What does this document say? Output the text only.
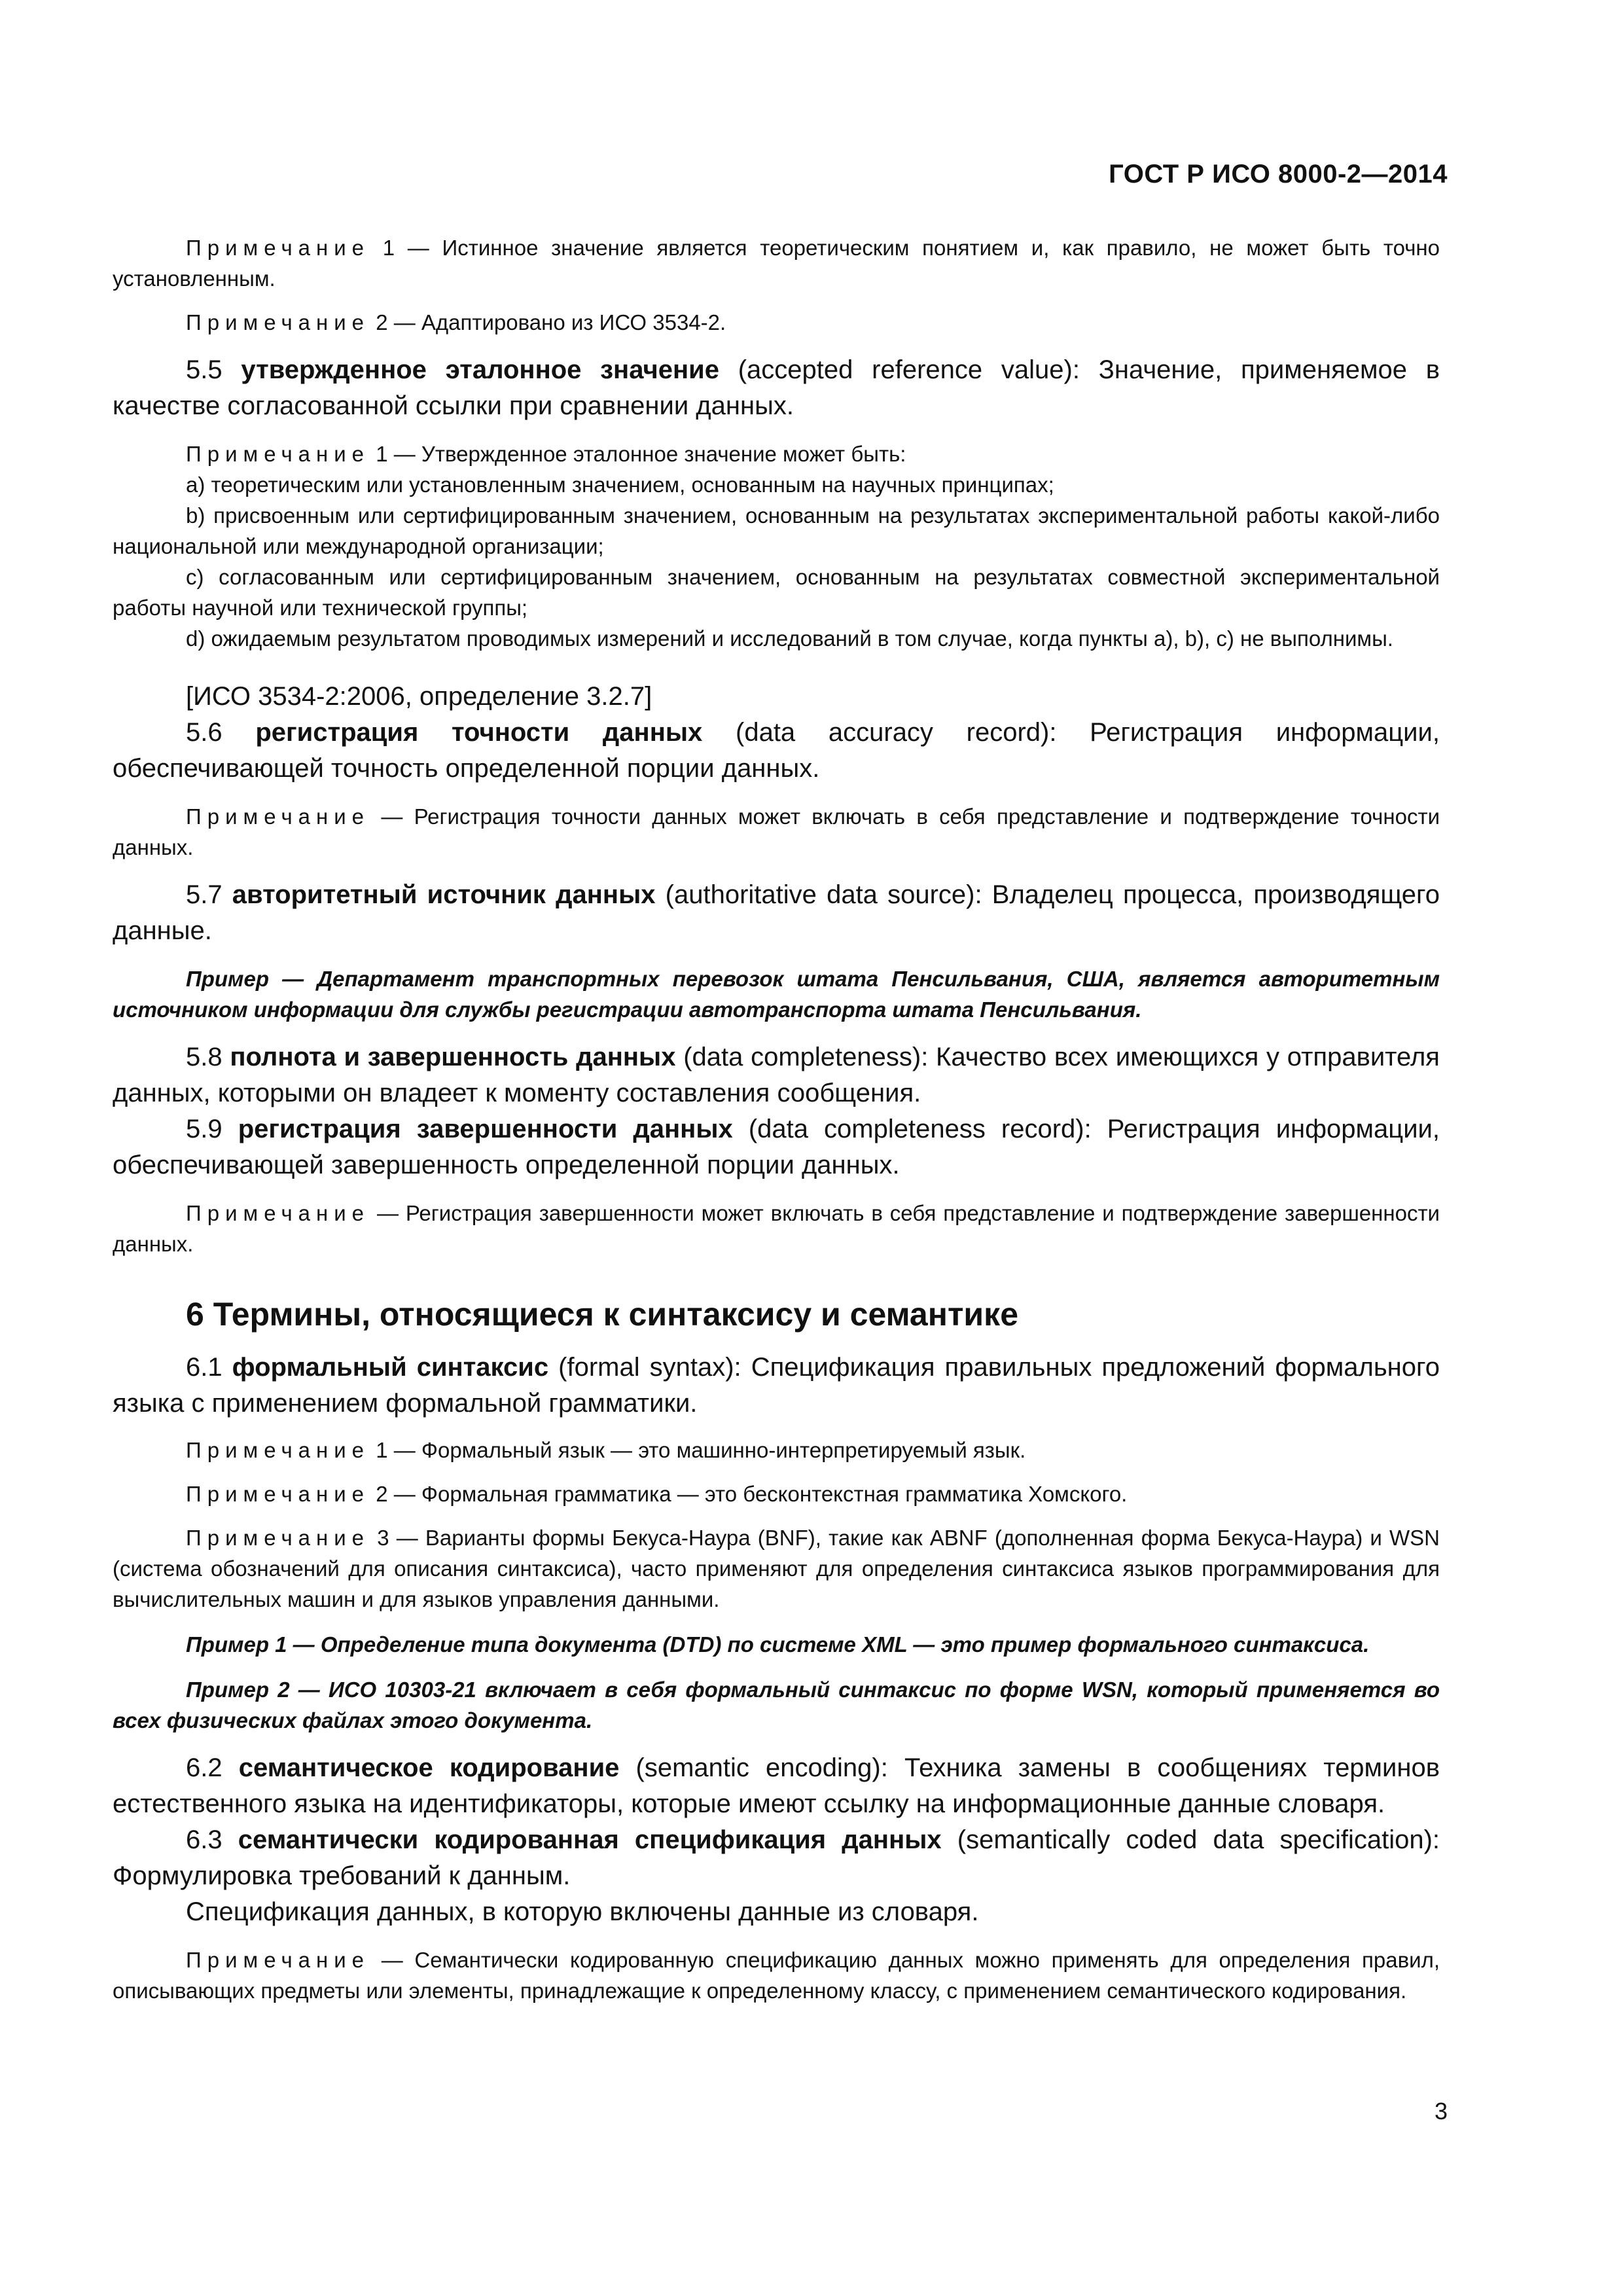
ГОСТ Р ИСО 8000-2—2014

Примечание 1 — Истинное значение является теоретическим понятием и, как правило, не может быть точно установленным.

Примечание 2 — Адаптировано из ИСО 3534-2.

5.5 утвержденное эталонное значение (accepted reference value): Значение, применяемое в качестве согласованной ссылки при сравнении данных.

Примечание 1 — Утвержденное эталонное значение может быть:

a) теоретическим или установленным значением, основанным на научных принципах;

b) присвоенным или сертифицированным значением, основанным на результатах экспериментальной работы какой-либо национальной или международной организации;

c) согласованным или сертифицированным значением, основанным на результатах совместной экспериментальной работы научной или технической группы;

d) ожидаемым результатом проводимых измерений и исследований в том случае, когда пункты а), b), с) не выполнимы.

[ИСО 3534-2:2006, определение 3.2.7]

5.6 регистрация точности данных (data accuracy record): Регистрация информации, обеспечивающей точность определенной порции данных.

Примечание — Регистрация точности данных может включать в себя представление и подтверждение точности данных.

5.7 авторитетный источник данных (authoritative data source): Владелец процесса, производящего данные.

Пример — Департамент транспортных перевозок штата Пенсильвания, США, является авторитетным источником информации для службы регистрации автотранспорта штата Пенсильвания.

5.8 полнота и завершенность данных (data completeness): Качество всех имеющихся у отправителя данных, которыми он владеет к моменту составления сообщения.

5.9 регистрация завершенности данных (data completeness record): Регистрация информации, обеспечивающей завершенность определенной порции данных.

Примечание — Регистрация завершенности может включать в себя представление и подтверждение завершенности данных.

6 Термины, относящиеся к синтаксису и семантике

6.1 формальный синтаксис (formal syntax): Спецификация правильных предложений формального языка с применением формальной грамматики.

Примечание 1 — Формальный язык — это машинно-интерпретируемый язык.

Примечание 2 — Формальная грамматика — это бесконтекстная грамматика Хомского.

Примечание 3 — Варианты формы Бекуса-Наура (BNF), такие как ABNF (дополненная форма Бекуса-Наура) и WSN (система обозначений для описания синтаксиса), часто применяют для определения синтаксиса языков программирования для вычислительных машин и для языков управления данными.

Пример 1 — Определение типа документа (DTD) по системе XML — это пример формального синтаксиса.

Пример 2 — ИСО 10303-21 включает в себя формальный синтаксис по форме WSN, который применяется во всех физических файлах этого документа.

6.2 семантическое кодирование (semantic encoding): Техника замены в сообщениях терминов естественного языка на идентификаторы, которые имеют ссылку на информационные данные словаря.

6.3 семантически кодированная спецификация данных (semantically coded data specification): Формулировка требований к данным.

Спецификация данных, в которую включены данные из словаря.

Примечание — Семантически кодированную спецификацию данных можно применять для определения правил, описывающих предметы или элементы, принадлежащие к определенному классу, с применением семантического кодирования.

3
